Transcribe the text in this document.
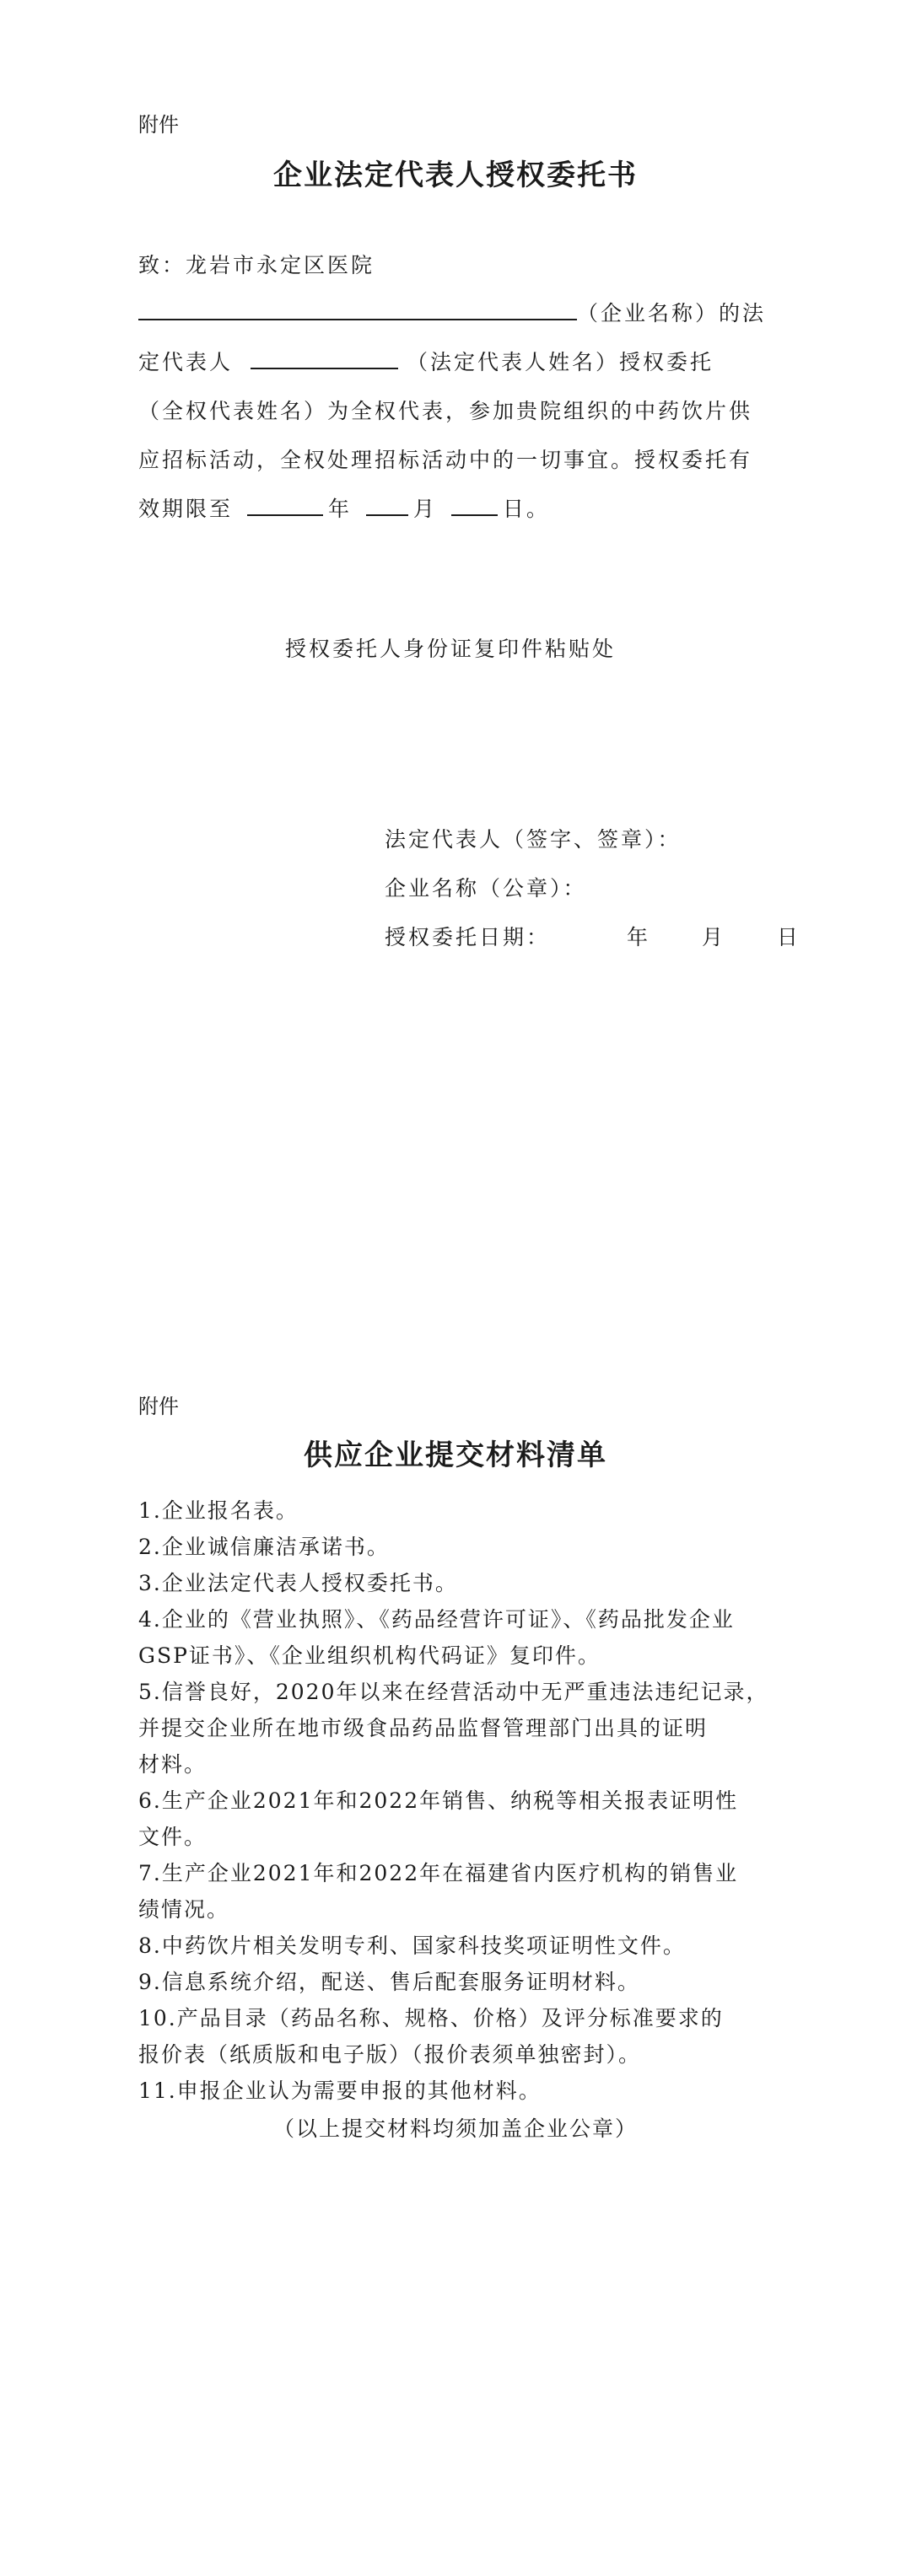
附件
企业法定代表人授权委托书
致：龙岩市永定区医院
（企业名称）的法
定代表人	（法定代表人姓名）授权委托
（全权代表姓名）为全权代表，参加贵院组织的中药饮片供
应招标活动，全权处理招标活动中的一切事宜。授权委托有
效期限至	年	月	日。
授权委托人身份证复印件粘贴处
法定代表人（签字、签章）：
企业名称（公章）：
授权委托日期：	年 月 日
附件
供应企业提交材料清单
1.企业报名表。
2.企业诚信廉洁承诺书。
3.企业法定代表人授权委托书。
4.企业的《营业执照》、《药品经营许可证》、《药品批发企业
GSP证书》、《企业组织机构代码证》复印件。
5.信誉良好，2020年以来在经营活动中无严重违法违纪记录，
并提交企业所在地市级食品药品监督管理部门出具的证明
材料。
6.生产企业2021年和2022年销售、纳税等相关报表证明性
文件。
7.生产企业2021年和2022年在福建省内医疗机构的销售业
绩情况。
8.中药饮片相关发明专利、国家科技奖项证明性文件。
9.信息系统介绍，配送、售后配套服务证明材料。
10.产品目录（药品名称、规格、价格）及评分标准要求的
报价表（纸质版和电子版）（报价表须单独密封）。
11.申报企业认为需要申报的其他材料。
（以上提交材料均须加盖企业公章）
